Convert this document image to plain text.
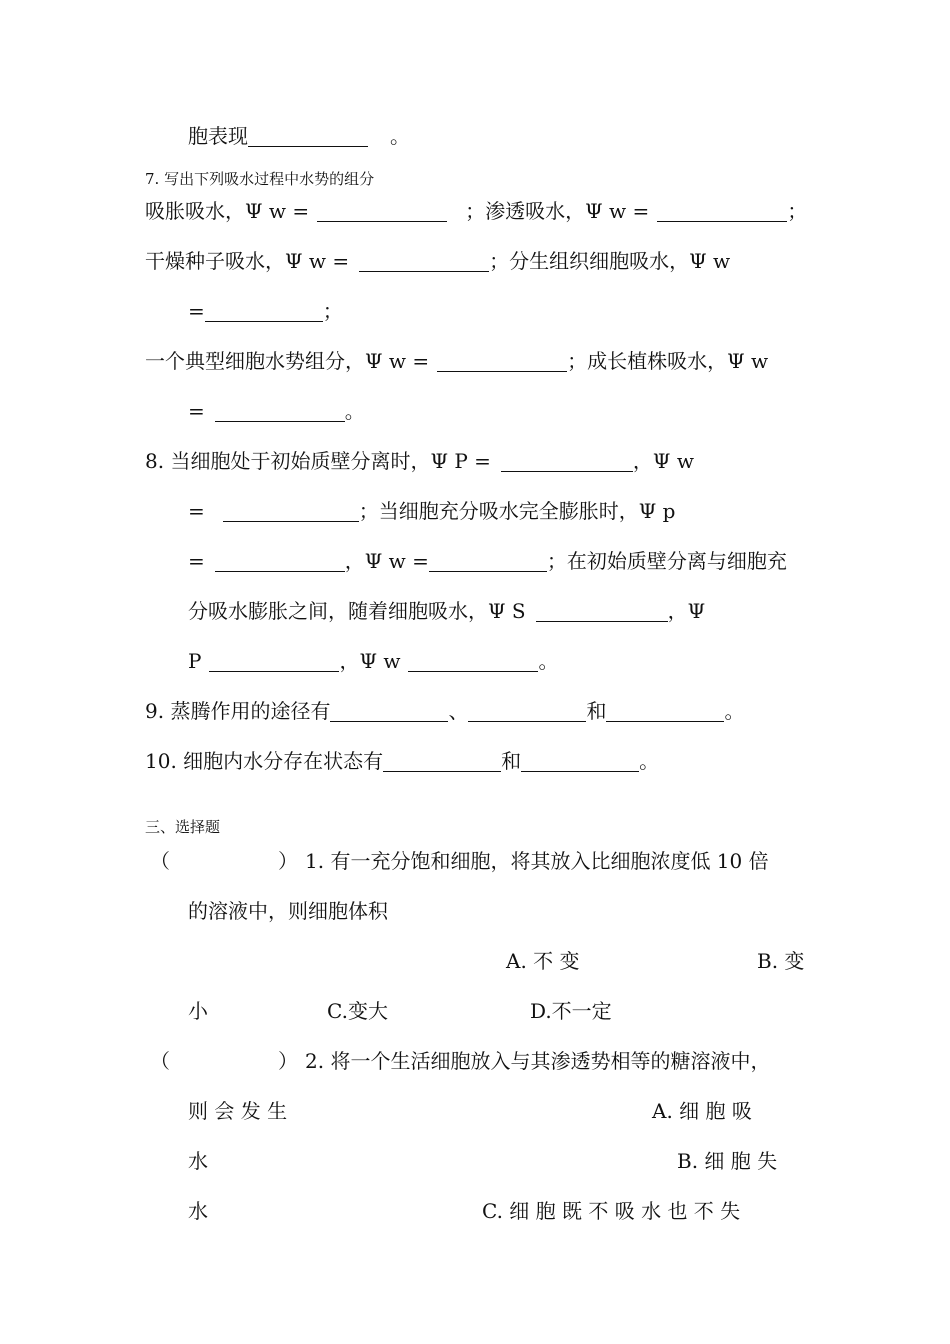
胞表现	。
7. 写出下列吸水过程中水势的组分
吸胀吸水，Ψ w =	；渗透吸水，Ψ w =	；
干燥种子吸水，Ψ w =	；分生组织细胞吸水，Ψ w
=	；
一个典型细胞水势组分，Ψ w =	；成长植株吸水，Ψ w
=	。
8. 当细胞处于初始质壁分离时，Ψ P =	，Ψ w
=	；当细胞充分吸水完全膨胀时，Ψ p
=	，Ψ w =	；在初始质壁分离与细胞充
分吸水膨胀之间，随着细胞吸水，Ψ S	，Ψ
P	，Ψ w	。
9. 蒸腾作用的途径有	、	和	。
10. 细胞内水分存在状态有	和	。
三、选择题
（	） 1. 有一充分饱和细胞，将其放入比细胞浓度低 10 倍
的溶液中，则细胞体积
A. 不 变	B. 变
小	C.变大	D.不一定
（	） 2. 将一个生活细胞放入与其渗透势相等的糖溶液中，
则 会 发 生	A. 细 胞 吸
水	B. 细 胞 失
水	C. 细 胞 既 不 吸 水 也 不 失
